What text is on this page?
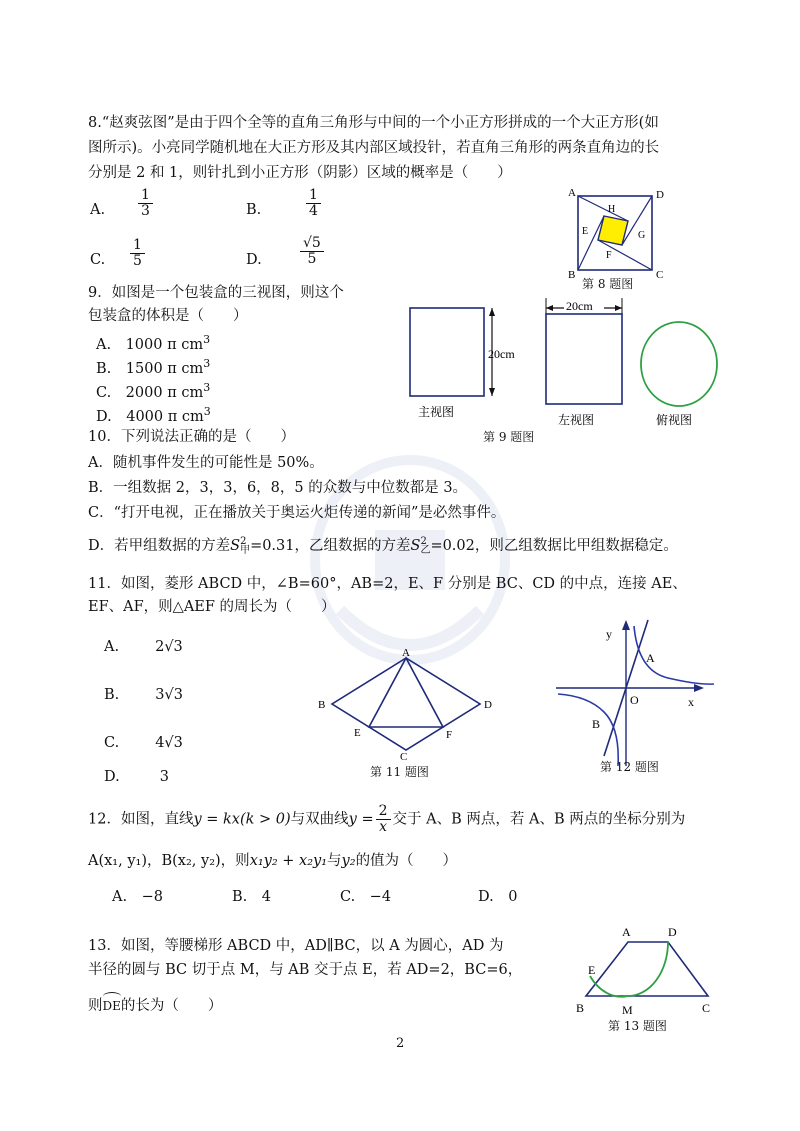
8.“赵爽弦图”是由于四个全等的直角三角形与中间的一个小正方形拼成的一个大正方形(如
图所示)。小亮同学随机地在大正方形及其内部区域投针，若直角三角形的两条直角边的长
分别是 2 和 1，则针扎到小正方形（阴影）区域的概率是（　　）
A. $\frac{1}{3}$	B.	$\frac{1}{4}$
C. $\frac{1}{5}$	D.	$\frac{√5}{5}$
A	D
H
E	G
B
F
C
第 8 题图
9．如图是一个包装盒的三视图，则这个
包装盒的体积是（　　）
A.　1000 π $cm^3$
B.　1500 π $cm^3$
C.　2000 π $cm^3$
D.　4000 π $cm^3$
20cm
20cm
主视图
左视图	俯视图
第 9 题图
10．下列说法正确的是（　　）
A．随机事件发生的可能性是 50%。
B．一组数据 2，3，3，6，8，5 的众数与中位数都是 3。
C．“打开电视，正在播放关于奥运火炬传递的新闻”是必然事件。
D．若甲组数据的方差S 2
甲 =0.31，乙组数据的方差S 2
乙 =0.02，则乙组数据比甲组数据稳定。
11．如图，菱形 ABCD 中，∠B=60°，AB=2，E、F 分别是 BC、CD 的中点，连接 AE、
EF、AF，则△AEF 的周长为（　　）
A. 2√3
B. 3√3
C. 4√3
D.	3
A
B	D
E	F
C
第 11 题图
y
x
O
A
B
第 12 题图
12．如图，直线y = kx(k > 0)与双曲线$y = \frac{2}{x}$ 交于 A、B 两点，若 A、B 两点的坐标分别为
A(x₁, y₁)，B(x₂, y₂)，则x₁y₂ + x₂y₁与y₂的值为（　　）
A.　−8	B.　4	C.　−4	D.　0
13．如图，等腰梯形 ABCD 中，AD∥BC，以 A 为圆心，AD 为
半径的圆与 BC 切于点 M，与 AB 交于点 E，若 AD=2，BC=6，
则
DE的长为（　　）
A	D
E
B	M	C
第 13 题图
2
